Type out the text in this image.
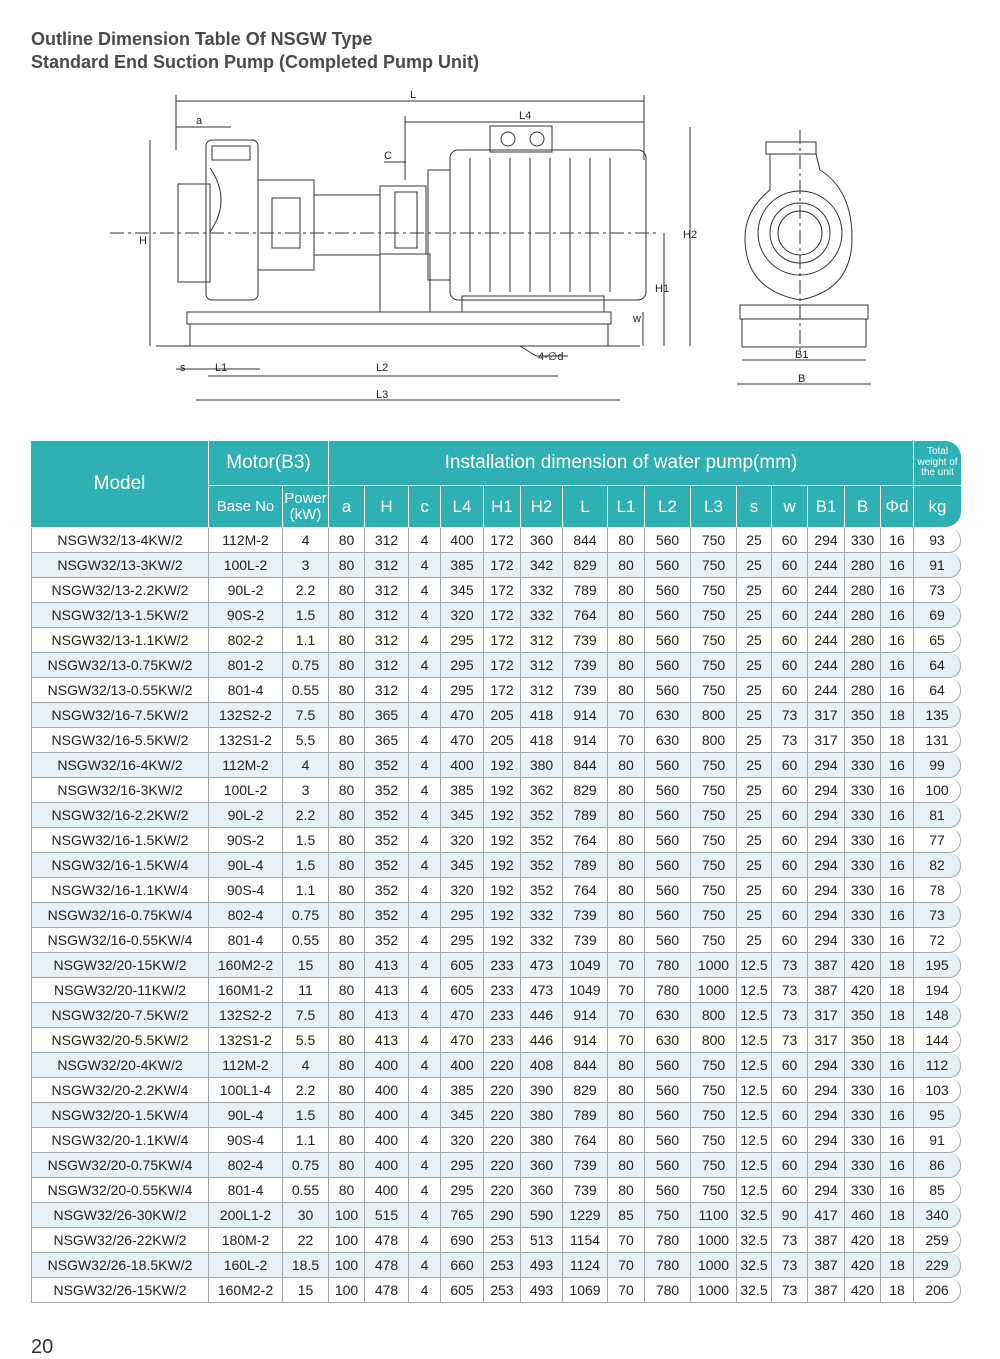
Outline Dimension Table Of NSGW Type
Standard End Suction Pump (Completed Pump Unit)
L
L4
a
C
H
H1
H2
w
s	L1	L2
L3
4-∅d	B1
B
Model	Motor(B3)		Installation dimension of water pump(mm)															Total weight of the unit
	Base No	Power (kW)	a	H	c	L4	H1	H2	L	L1	L2	L3	s	w	B1	B	Φd	kg
NSGW32/13-4KW/2	112M-2	4	80	312	4	400	172	360	844	80	560	750	25	60	294	330	16	93
NSGW32/13-3KW/2	100L-2	3	80	312	4	385	172	342	829	80	560	750	25	60	244	280	16	91
NSGW32/13-2.2KW/2	90L-2	2.2	80	312	4	345	172	332	789	80	560	750	25	60	244	280	16	73
NSGW32/13-1.5KW/2	90S-2	1.5	80	312	4	320	172	332	764	80	560	750	25	60	244	280	16	69
NSGW32/13-1.1KW/2	802-2	1.1	80	312	4	295	172	312	739	80	560	750	25	60	244	280	16	65
NSGW32/13-0.75KW/2	801-2	0.75	80	312	4	295	172	312	739	80	560	750	25	60	244	280	16	64
NSGW32/13-0.55KW/2	801-4	0.55	80	312	4	295	172	312	739	80	560	750	25	60	244	280	16	64
NSGW32/16-7.5KW/2	132S2-2	7.5	80	365	4	470	205	418	914	70	630	800	25	73	317	350	18	135
NSGW32/16-5.5KW/2	132S1-2	5.5	80	365	4	470	205	418	914	70	630	800	25	73	317	350	18	131
NSGW32/16-4KW/2	112M-2	4	80	352	4	400	192	380	844	80	560	750	25	60	294	330	16	99
NSGW32/16-3KW/2	100L-2	3	80	352	4	385	192	362	829	80	560	750	25	60	294	330	16	100
NSGW32/16-2.2KW/2	90L-2	2.2	80	352	4	345	192	352	789	80	560	750	25	60	294	330	16	81
NSGW32/16-1.5KW/2	90S-2	1.5	80	352	4	320	192	352	764	80	560	750	25	60	294	330	16	77
NSGW32/16-1.5KW/4	90L-4	1.5	80	352	4	345	192	352	789	80	560	750	25	60	294	330	16	82
NSGW32/16-1.1KW/4	90S-4	1.1	80	352	4	320	192	352	764	80	560	750	25	60	294	330	16	78
NSGW32/16-0.75KW/4	802-4	0.75	80	352	4	295	192	332	739	80	560	750	25	60	294	330	16	73
NSGW32/16-0.55KW/4	801-4	0.55	80	352	4	295	192	332	739	80	560	750	25	60	294	330	16	72
NSGW32/20-15KW/2	160M2-2	15	80	413	4	605	233	473	1049	70	780	1000	12.5	73	387	420	18	195
NSGW32/20-11KW/2	160M1-2	11	80	413	4	605	233	473	1049	70	780	1000	12.5	73	387	420	18	194
NSGW32/20-7.5KW/2	132S2-2	7.5	80	413	4	470	233	446	914	70	630	800	12.5	73	317	350	18	148
NSGW32/20-5.5KW/2	132S1-2	5.5	80	413	4	470	233	446	914	70	630	800	12.5	73	317	350	18	144
NSGW32/20-4KW/2	112M-2	4	80	400	4	400	220	408	844	80	560	750	12.5	60	294	330	16	112
NSGW32/20-2.2KW/4	100L1-4	2.2	80	400	4	385	220	390	829	80	560	750	12.5	60	294	330	16	103
NSGW32/20-1.5KW/4	90L-4	1.5	80	400	4	345	220	380	789	80	560	750	12.5	60	294	330	16	95
NSGW32/20-1.1KW/4	90S-4	1.1	80	400	4	320	220	380	764	80	560	750	12.5	60	294	330	16	91
NSGW32/20-0.75KW/4	802-4	0.75	80	400	4	295	220	360	739	80	560	750	12.5	60	294	330	16	86
NSGW32/20-0.55KW/4	801-4	0.55	80	400	4	295	220	360	739	80	560	750	12.5	60	294	330	16	85
NSGW32/26-30KW/2	200L1-2	30	100	515	4	765	290	590	1229	85	750	1100	32.5	90	417	460	18	340
NSGW32/26-22KW/2	180M-2	22	100	478	4	690	253	513	1154	70	780	1000	32.5	73	387	420	18	259
NSGW32/26-18.5KW/2	160L-2	18.5	100	478	4	660	253	493	1124	70	780	1000	32.5	73	387	420	18	229
NSGW32/26-15KW/2	160M2-2	15	100	478	4	605	253	493	1069	70	780	1000	32.5	73	387	420	18	206
20
